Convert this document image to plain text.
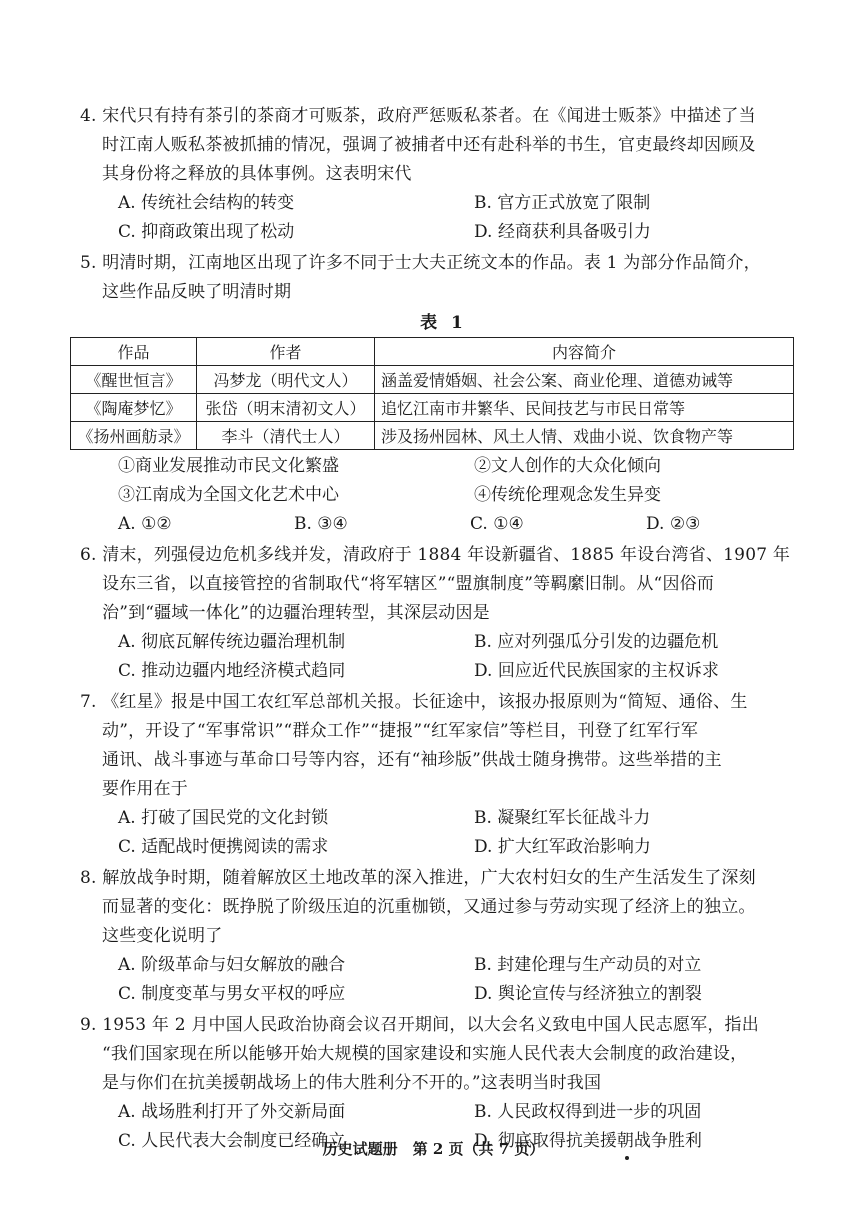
4. 宋代只有持有茶引的茶商才可贩茶，政府严惩贩私茶者。在《闻进士贩茶》中描述了当
时江南人贩私茶被抓捕的情况，强调了被捕者中还有赴科举的书生，官吏最终却因顾及
其身份将之释放的具体事例。这表明宋代
A. 传统社会结构的转变	B. 官方正式放宽了限制
C. 抑商政策出现了松动	D. 经商获利具备吸引力
5. 明清时期，江南地区出现了许多不同于士大夫正统文本的作品。表 1 为部分作品简介，
这些作品反映了明清时期
表 1
作品	作者	内容简介
《醒世恒言》	冯梦龙（明代文人）	涵盖爱情婚姻、社会公案、商业伦理、道德劝诫等
《陶庵梦忆》	张岱（明末清初文人）	追忆江南市井繁华、民间技艺与市民日常等
《扬州画舫录》	李斗（清代士人）	涉及扬州园林、风土人情、戏曲小说、饮食物产等
①商业发展推动市民文化繁盛	②文人创作的大众化倾向
③江南成为全国文化艺术中心	④传统伦理观念发生异变
A. ①②	B. ③④	C. ①④	D. ②③
6. 清末，列强侵边危机多线并发，清政府于 1884 年设新疆省、1885 年设台湾省、1907 年
设东三省，以直接管控的省制取代“将军辖区”“盟旗制度”等羁縻旧制。从“因俗而
治”到“疆域一体化”的边疆治理转型，其深层动因是
A. 彻底瓦解传统边疆治理机制	B. 应对列强瓜分引发的边疆危机
C. 推动边疆内地经济模式趋同	D. 回应近代民族国家的主权诉求
7. 《红星》报是中国工农红军总部机关报。长征途中，该报办报原则为“简短、通俗、生
动”，开设了“军事常识”“群众工作”“捷报”“红军家信”等栏目，刊登了红军行军
通讯、战斗事迹与革命口号等内容，还有“袖珍版”供战士随身携带。这些举措的主
要作用在于
A. 打破了国民党的文化封锁	B. 凝聚红军长征战斗力
C. 适配战时便携阅读的需求	D. 扩大红军政治影响力
8. 解放战争时期，随着解放区土地改革的深入推进，广大农村妇女的生产生活发生了深刻
而显著的变化：既挣脱了阶级压迫的沉重枷锁，又通过参与劳动实现了经济上的独立。
这些变化说明了
A. 阶级革命与妇女解放的融合	B. 封建伦理与生产动员的对立
C. 制度变革与男女平权的呼应	D. 舆论宣传与经济独立的割裂
9. 1953 年 2 月中国人民政治协商会议召开期间，以大会名义致电中国人民志愿军，指出
“我们国家现在所以能够开始大规模的国家建设和实施人民代表大会制度的政治建设，
是与你们在抗美援朝战场上的伟大胜利分不开的。”这表明当时我国
A. 战场胜利打开了外交新局面	B. 人民政权得到进一步的巩固
C. 人民代表大会制度已经确立	D. 彻底取得抗美援朝战争胜利
历史试题册　第 2 页（共 7 页）
